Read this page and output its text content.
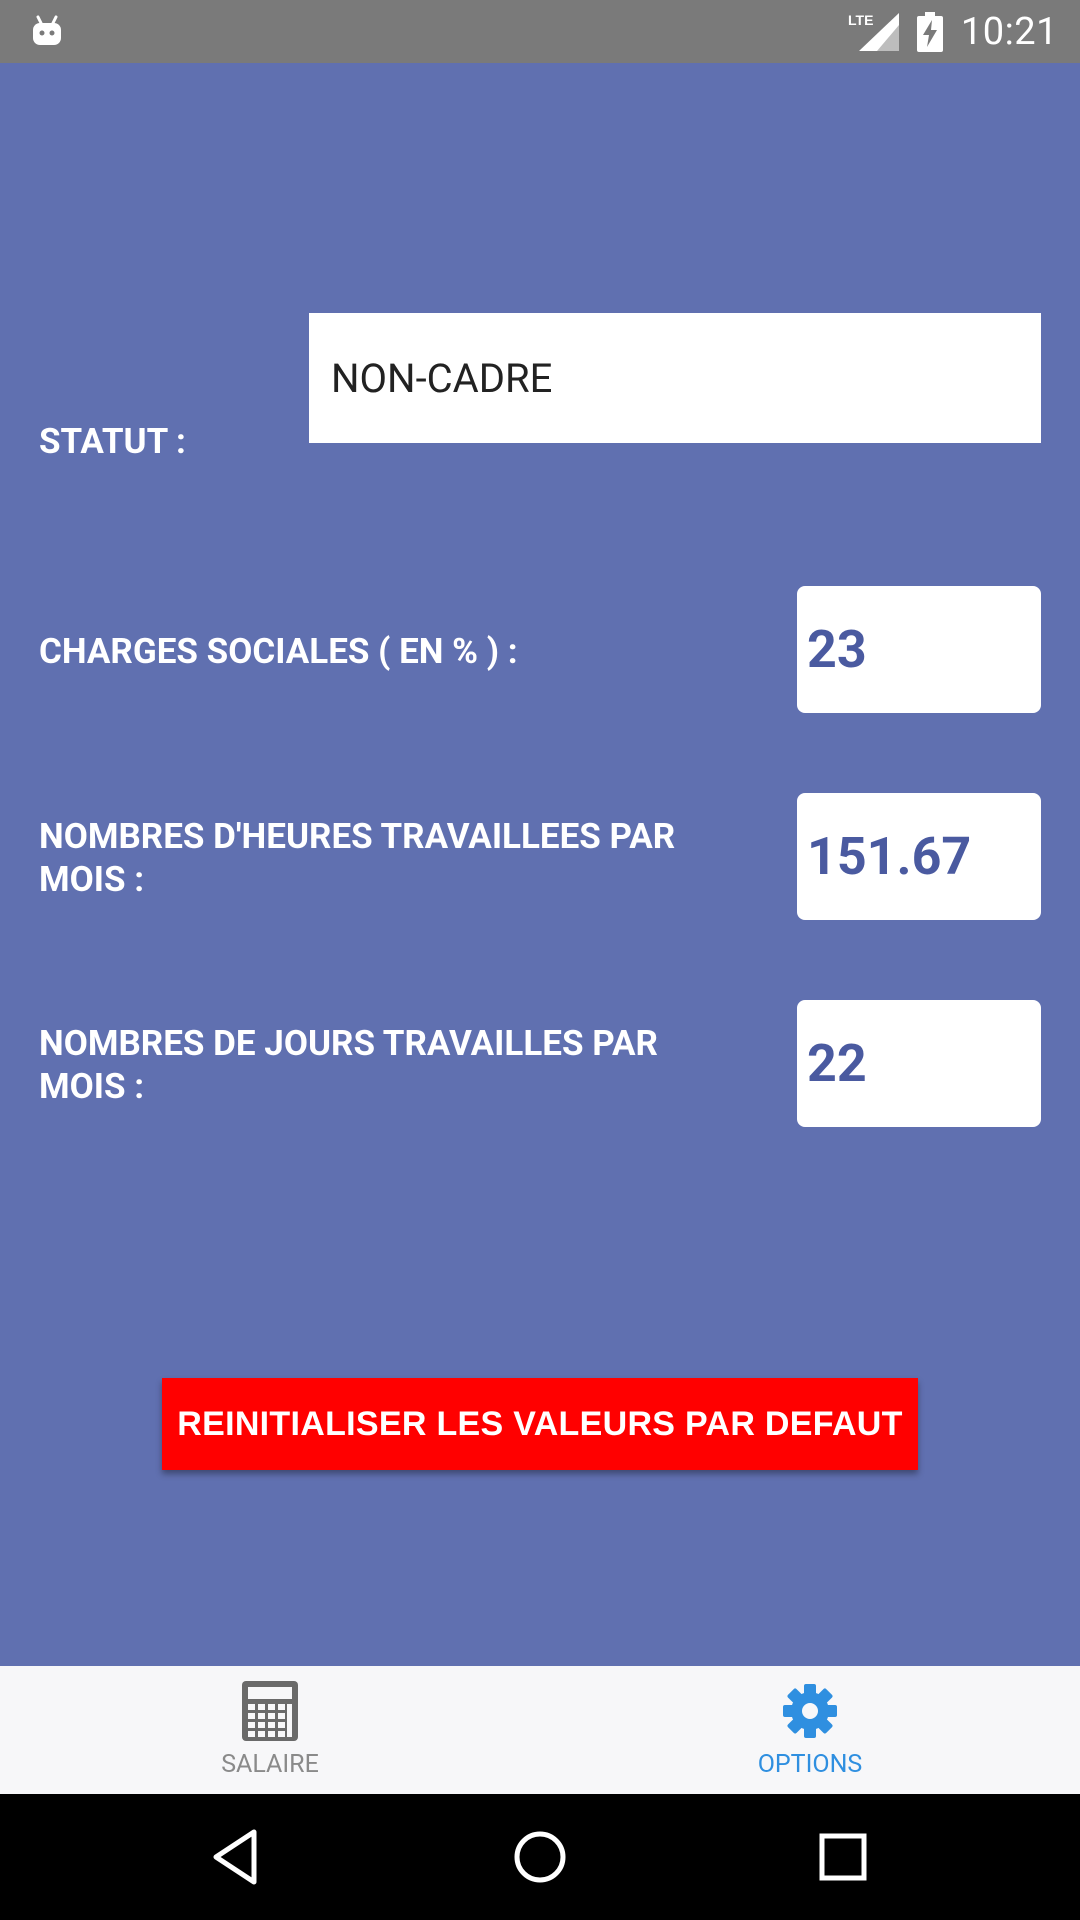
LTE 10:21
STATUT :
NON-CADRE
CHARGES SOCIALES ( EN % ) :	23
NOMBRES D'HEURES TRAVAILLEES PAR
MOIS :	151.67
NOMBRES DE JOURS TRAVAILLES PAR
MOIS :	22
REINITIALISER LES VALEURS PAR DEFAUT
SALAIRE	OPTIONS
